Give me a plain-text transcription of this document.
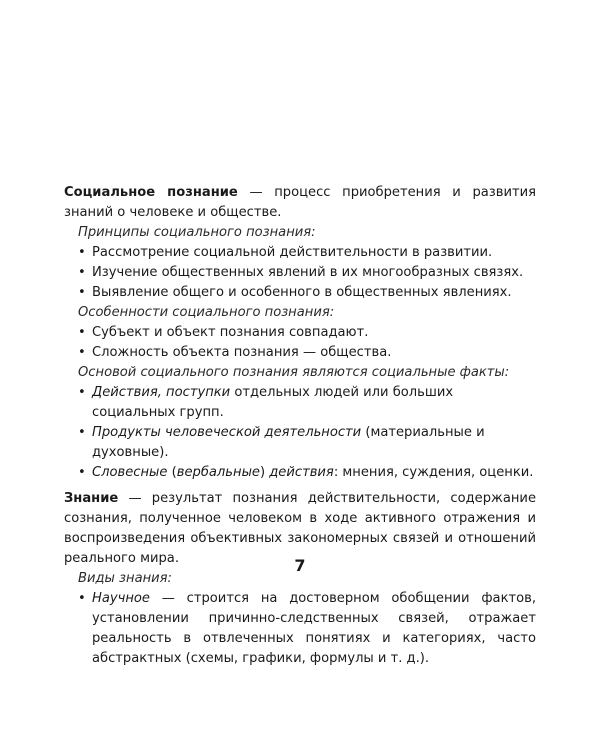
Социальное познание — процесс приобретения и развития знаний о человеке и обществе.

Принципы социального познания:

• Рассмотрение социальной действительности в развитии.
• Изучение общественных явлений в их многообразных связях.
• Выявление общего и особенного в общественных явлениях.

Особенности социального познания:

• Субъект и объект познания совпадают.
• Сложность объекта познания — общества.

Основой социального познания являются социальные факты:

• Действия, поступки отдельных людей или больших социальных групп.
• Продукты человеческой деятельности (материальные и духовные).
• Словесные (вербальные) действия: мнения, суждения, оценки.

Знание — результат познания действительности, содержание сознания, полученное человеком в ходе активного отражения и воспроизведения объективных закономерных связей и отношений реального мира.

Виды знания:

• Научное — строится на достоверном обобщении фактов, установлении причинно-следственных связей, отражает реальность в отвлеченных понятиях и категориях, часто абстрактных (схемы, графики, формулы и т. д.).
7
